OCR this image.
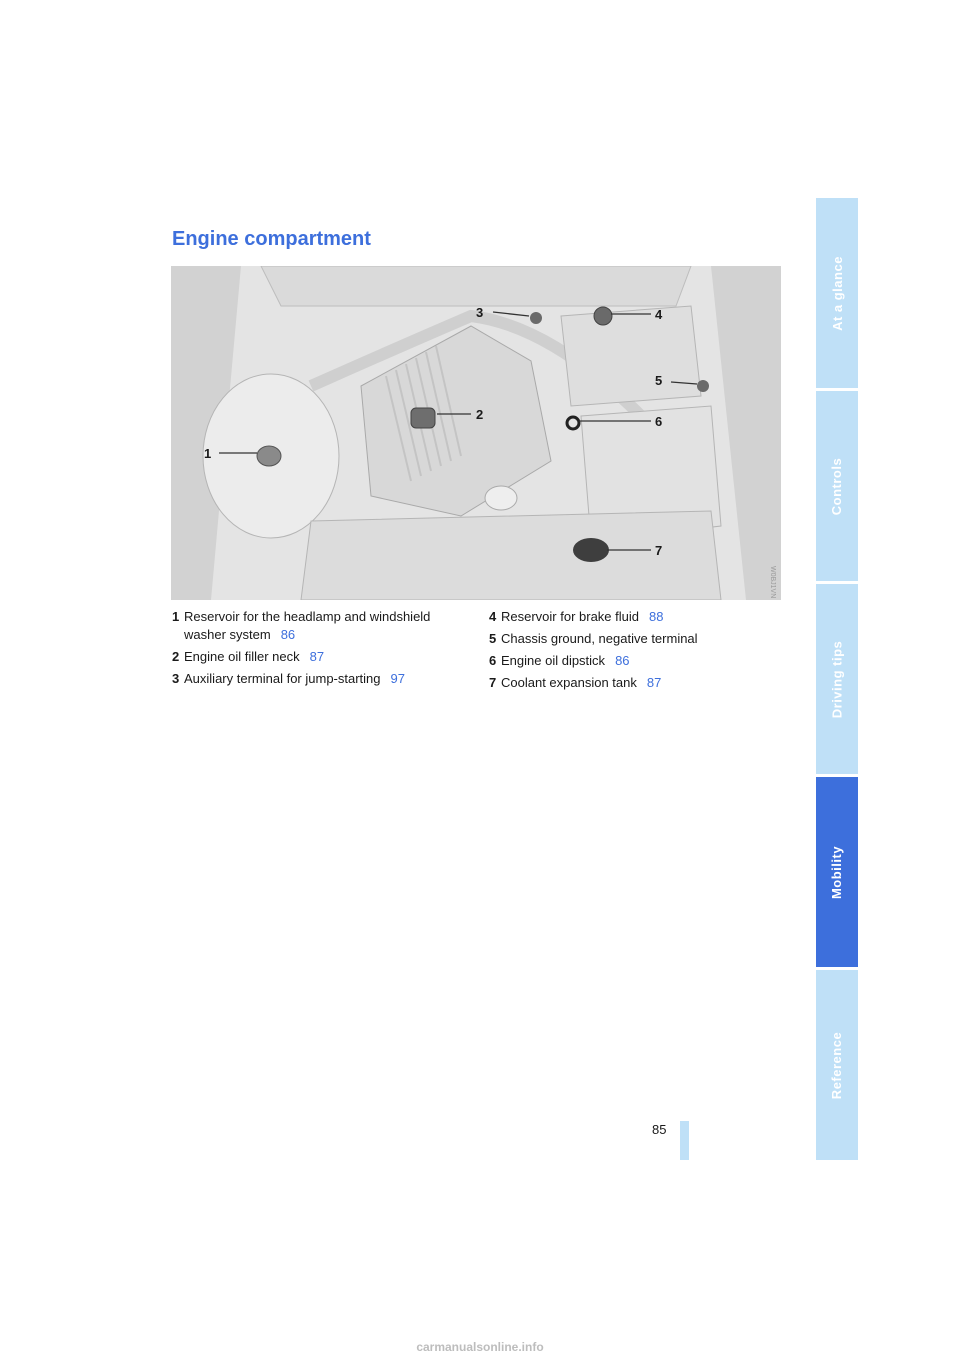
At a glance
Controls
Driving tips
Mobility
Reference
Engine compartment
1
2
3	4
5
6
7
W0BJ1VN
1 Reservoir for the headlamp and windshield washer system 86
2 Engine oil filler neck 87
3 Auxiliary terminal for jump-starting 97
4 Reservoir for brake fluid 88
5 Chassis ground, negative terminal
6 Engine oil dipstick 86
7 Coolant expansion tank 87
85
carmanualsonline.info
